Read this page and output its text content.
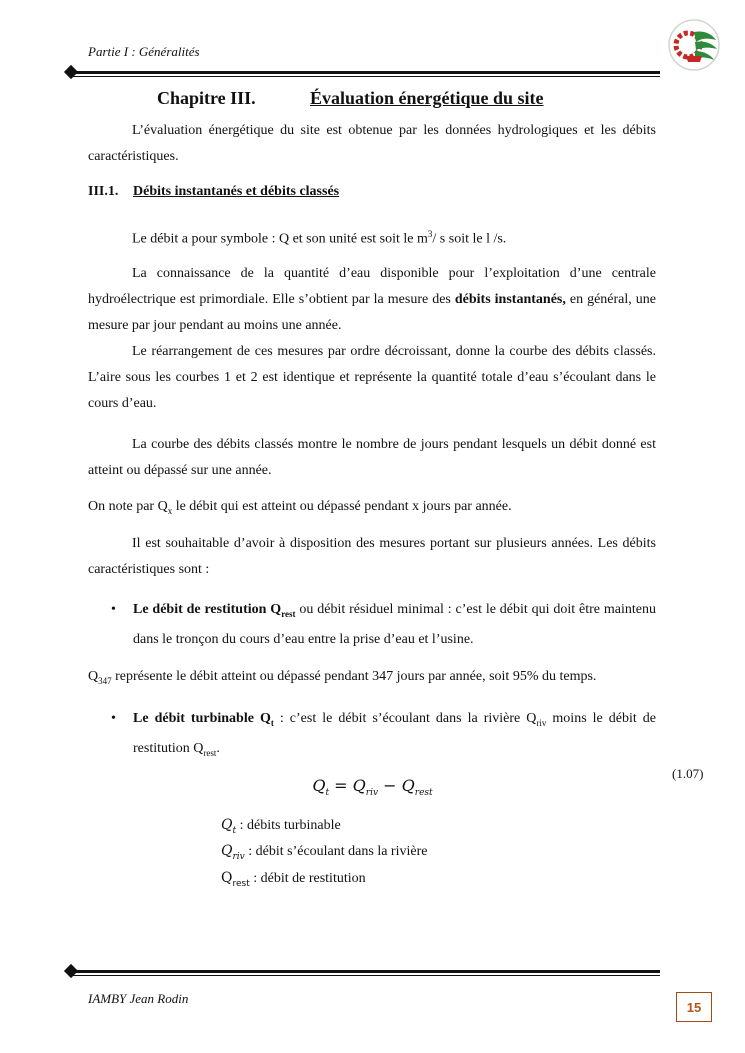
Partie I : Généralités
Chapitre III.	Évaluation énergétique du site
L’évaluation énergétique du site est obtenue par les données hydrologiques et les débits caractéristiques.
III.1. Débits instantanés et débits classés
Le débit a pour symbole : Q et son unité est soit le $m^3/$ s soit le l /s.
La connaissance de la quantité d’eau disponible pour l’exploitation d’une centrale hydroélectrique est primordiale. Elle s’obtient par la mesure des débits instantanés, en général, une mesure par jour pendant au moins une année.
Le réarrangement de ces mesures par ordre décroissant, donne la courbe des débits classés. L’aire sous les courbes 1 et 2 est identique et représente la quantité totale d’eau s’écoulant dans le cours d’eau.
La courbe des débits classés montre le nombre de jours pendant lesquels un débit donné est atteint ou dépassé sur une année.
On note par $Q_x$ le débit qui est atteint ou dépassé pendant x jours par année.
Il est souhaitable d’avoir à disposition des mesures portant sur plusieurs années. Les débits caractéristiques sont :
• Le débit de restitution $Q_{rest}$ ou débit résiduel minimal : c’est le débit qui doit être maintenu dans le tronçon du cours d’eau entre la prise d’eau et l’usine.
$Q_{347}$ représente le débit atteint ou dépassé pendant 347 jours par année, soit 95% du temps.
• Le débit turbinable $Q_t$ : c’est le débit s’écoulant dans la rivière $Q_{riv}$ moins le débit de restitution $Q_{rest}$.
$Q_t = Q_{riv} - Q_{rest}$
(1.07)
$Q_t$ : débits turbinable
$Q_{riv}$ : débit s’écoulant dans la rivière
$Q_{rest}$ : débit de restitution
IAMBY Jean Rodin
15
